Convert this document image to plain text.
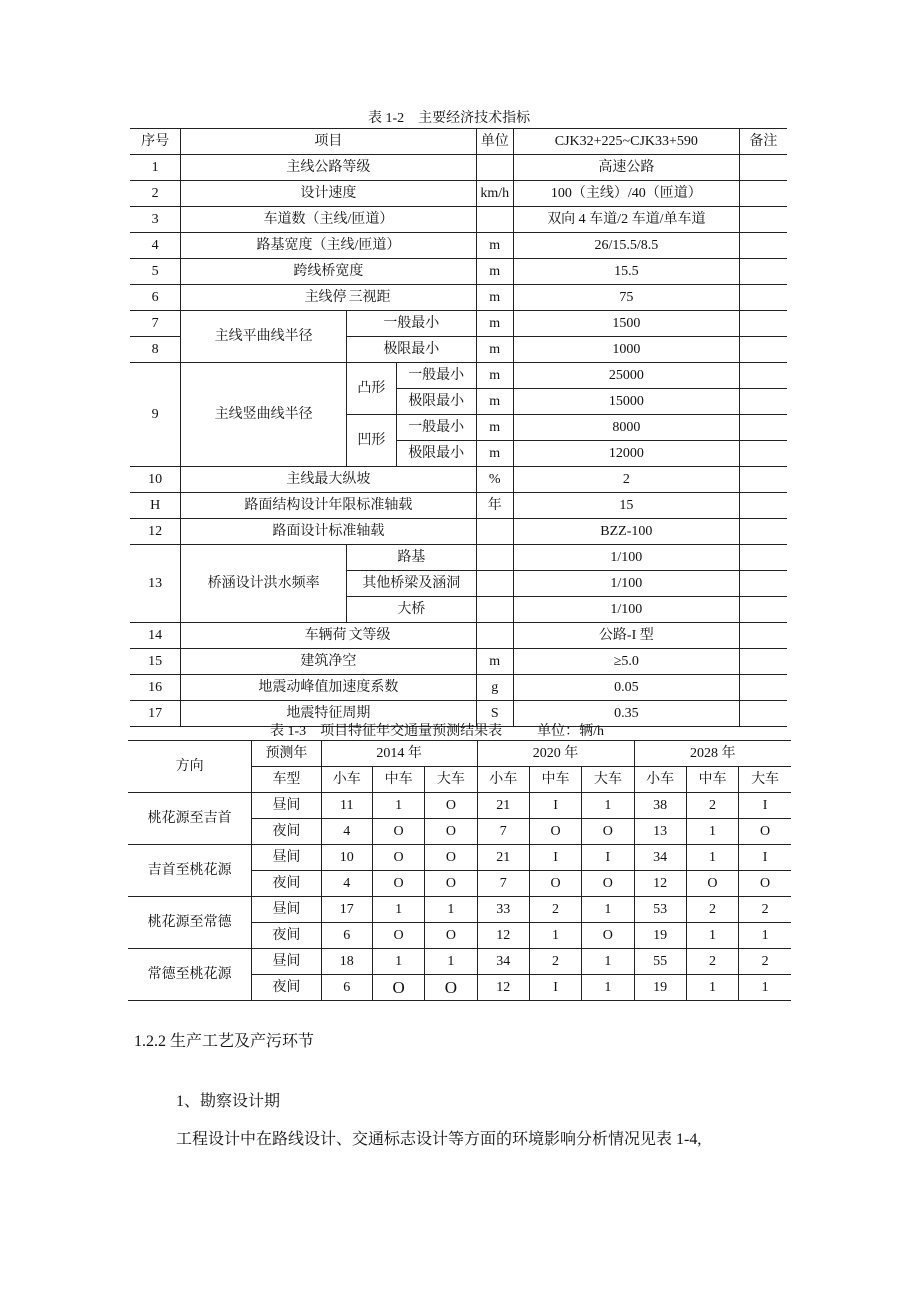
表 1-2    主要经济技术指标
序号	项目			单位	CJK32+225~CJK33+590	备注
1	主线公路等级				高速公路	
2	设计速度			km/h	100（主线）/40（匝道）	
3	车道数（主线/匝道）				双向 4 车道/2 车道/单车道	
4	路基宽度（主线/匝道）			m	26/15.5/8.5	
5	跨线桥宽度			m	15.5	
6	主线停	三视距		m	75	
7	主线平曲线半径	一般最小		m	1500	
8		极限最小		m	1000	
9	主线竖曲线半径	凸形	一般最小	m	25000	
			极限最小	m	15000	
		凹形	一般最小	m	8000	
			极限最小	m	12000	
10	主线最大纵坡			%	2	
H	路面结构设计年限标准轴载			年	15	
12	路面设计标准轴载				BZZ-100	
13	桥涵设计洪水频率	路基			1/100	
		其他桥梁及涵洞			1/100	
		大桥			1/100	
14	车辆荷	文等级			公路-I 型	
15	建筑净空			m	≥5.0	
16	地震动峰值加速度系数			g	0.05	
17	地震特征周期			S	0.35	
表 1-3    项目特征年交通量预测结果表          单位：辆/h
方向	预测年	2014 年			2020 年			2028 年		
	车型	小车	中车	大车	小车	中车	大车	小车	中车	大车
桃花源至吉首	昼间	11	1	O	21	I	1	38	2	I
	夜间	4	O	O	7	O	O	13	1	O
吉首至桃花源	昼间	10	O	O	21	I	I	34	1	I
	夜间	4	O	O	7	O	O	12	O	O
桃花源至常德	昼间	17	1	1	33	2	1	53	2	2
	夜间	6	O	O	12	1	O	19	1	1
常德至桃花源	昼间	18	1	1	34	2	1	55	2	2
	夜间	6	O	O	12	I	1	19	1	1
1.2.2 生产工艺及产污环节
1、勘察设计期
工程设计中在路线设计、交通标志设计等方面的环境影响分析情况见表 1-4,
